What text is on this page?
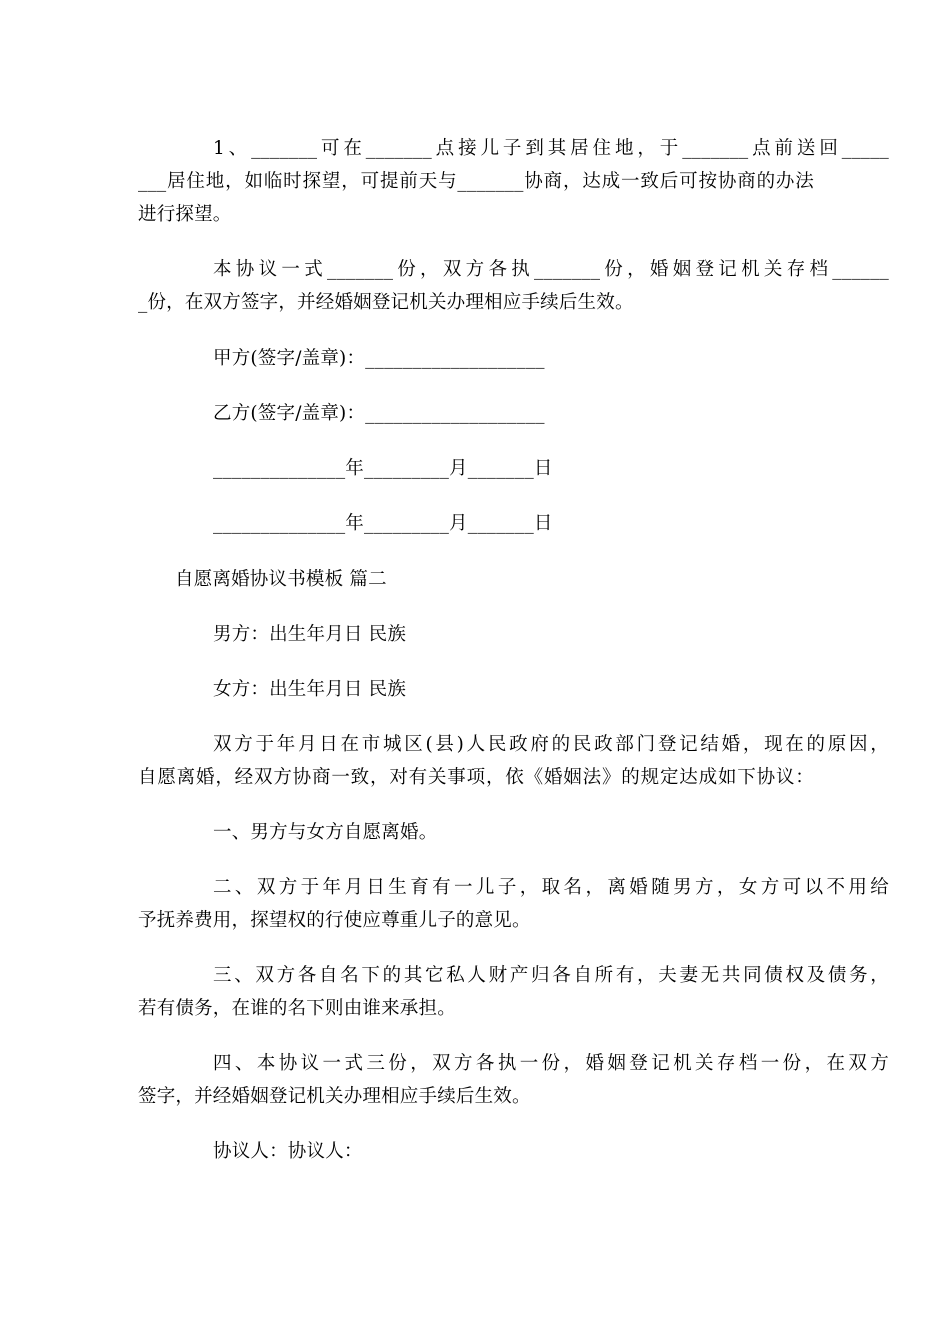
1、_______可在_______点接儿子到其居住地，于_______点前送回_____
___居住地，如临时探望，可提前天与_______协商，达成一致后可按协商的办法
进行探望。
本协议一式_______份，双方各执_______份，婚姻登记机关存档______
_份，在双方签字，并经婚姻登记机关办理相应手续后生效。
甲方(签字/盖章)：___________________
乙方(签字/盖章)：___________________
______________年_________月_______日
______________年_________月_______日
自愿离婚协议书模板 篇二
男方：出生年月日 民族
女方：出生年月日 民族
双方于年月日在市城区(县)人民政府的民政部门登记结婚，现在的原因，
自愿离婚，经双方协商一致，对有关事项，依《婚姻法》的规定达成如下协议：
一、男方与女方自愿离婚。
二、双方于年月日生育有一儿子，取名，离婚随男方，女方可以不用给
予抚养费用，探望权的行使应尊重儿子的意见。
三、双方各自名下的其它私人财产归各自所有，夫妻无共同债权及债务，
若有债务，在谁的名下则由谁来承担。
四、本协议一式三份，双方各执一份，婚姻登记机关存档一份，在双方
签字，并经婚姻登记机关办理相应手续后生效。
协议人：协议人：
